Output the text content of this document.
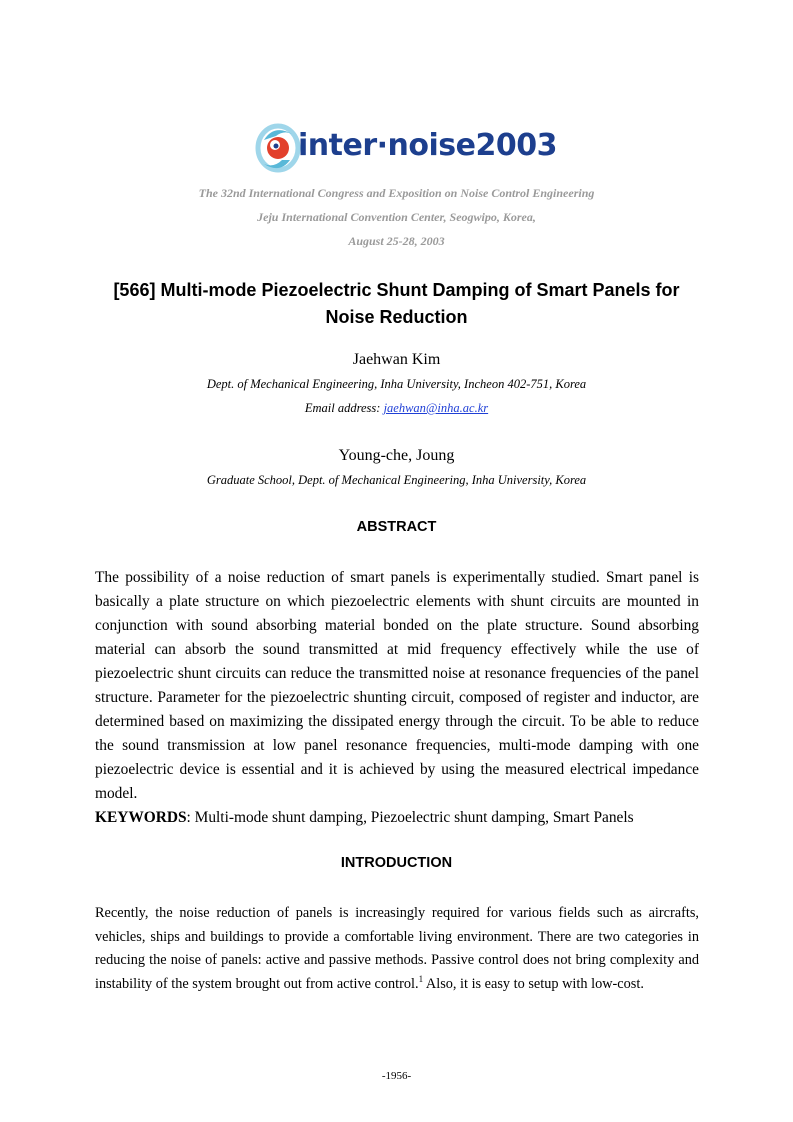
inter·noise2003
The 32nd International Congress and Exposition on Noise Control Engineering
Jeju International Convention Center, Seogwipo, Korea,
August 25-28, 2003
[566] Multi-mode Piezoelectric Shunt Damping of Smart Panels for
Noise Reduction
Jaehwan Kim
Dept. of Mechanical Engineering, Inha University, Incheon 402-751, Korea
Email address: jaehwan@inha.ac.kr
Young-che, Joung
Graduate School, Dept. of Mechanical Engineering, Inha University, Korea
ABSTRACT
The possibility of a noise reduction of smart panels is experimentally studied. Smart panel is basically a plate structure on which piezoelectric elements with shunt circuits are mounted in conjunction with sound absorbing material bonded on the plate structure. Sound absorbing material can absorb the sound transmitted at mid frequency effectively while the use of piezoelectric shunt circuits can reduce the transmitted noise at resonance frequencies of the panel structure. Parameter for the piezoelectric shunting circuit, composed of register and inductor, are determined based on maximizing the dissipated energy through the circuit. To be able to reduce the sound transmission at low panel resonance frequencies, multi-mode damping with one piezoelectric device is essential and it is achieved by using the measured electrical impedance model.
KEYWORDS: Multi-mode shunt damping, Piezoelectric shunt damping, Smart Panels
INTRODUCTION
Recently, the noise reduction of panels is increasingly required for various fields such as aircrafts, vehicles, ships and buildings to provide a comfortable living environment. There are two categories in reducing the noise of panels: active and passive methods. Passive control does not bring complexity and instability of the system brought out from active control.$^1$ Also, it is easy to setup with low-cost.
-1956-
